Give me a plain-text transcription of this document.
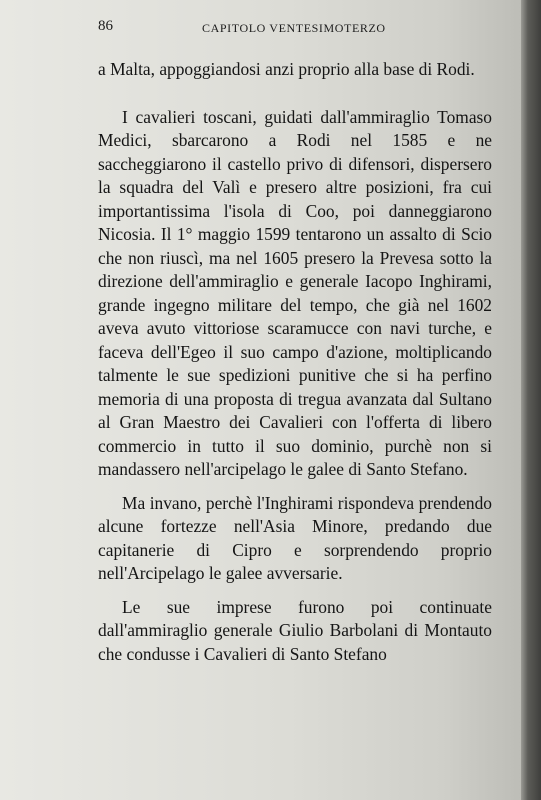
86	CAPITOLO VENTESIMOTERZO

a Malta, appoggiandosi anzi proprio alla base di Rodi.

I cavalieri toscani, guidati dall'ammiraglio Tomaso Medici, sbarcarono a Rodi nel 1585 e ne saccheggiarono il castello privo di difensori, dispersero la squadra del Valì e presero altre posizioni, fra cui importantissima l'isola di Coo, poi danneggiarono Nicosia. Il 1° maggio 1599 tentarono un assalto di Scio che non riuscì, ma nel 1605 presero la Prevesa sotto la direzione dell'ammiraglio e generale Iacopo Inghirami, grande ingegno militare del tempo, che già nel 1602 aveva avuto vittoriose scaramucce con navi turche, e faceva dell'Egeo il suo campo d'azione, moltiplicando talmente le sue spedizioni punitive che si ha perfino memoria di una proposta di tregua avanzata dal Sultano al Gran Maestro dei Cavalieri con l'offerta di libero commercio in tutto il suo dominio, purchè non si mandassero nell'arcipelago le galee di Santo Stefano.

Ma invano, perchè l'Inghirami rispondeva prendendo alcune fortezze nell'Asia Minore, predando due capitanerie di Cipro e sorprendendo proprio nell'Arcipelago le galee avversarie.

Le sue imprese furono poi continuate dall'ammiraglio generale Giulio Barbolani di Montauto che condusse i Cavalieri di Santo Stefano
